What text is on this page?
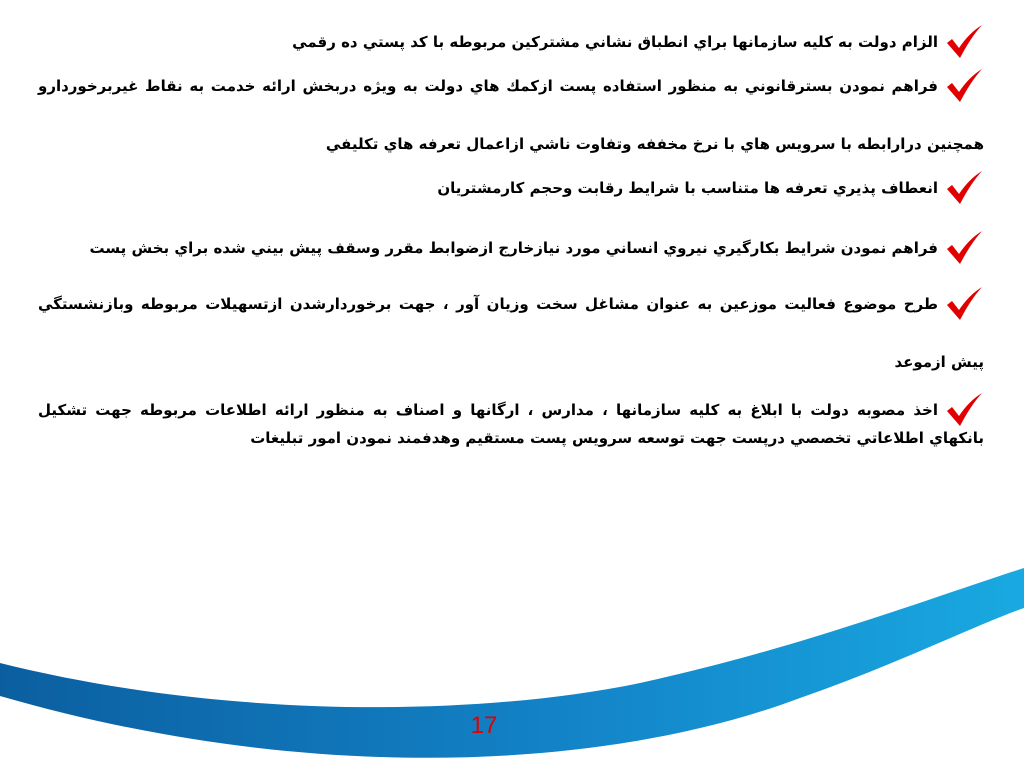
الزام دولت به كليه سازمانها براي انطباق نشاني مشتركين مربوطه با كد پستي ده رقمي
فراهم نمودن بسترقانوني به منظور استفاده پست ازكمك هاي دولت به ويژه دربخش ارائه خدمت به نقاط غيربرخوردارو
همچنين درارابطه با سرويس هاي با نرخ مخففه وتفاوت ناشي ازاعمال تعرفه هاي تكليفي
انعطاف پذيري تعرفه ها متناسب با شرايط رقابت وحجم كارمشتريان
فراهم نمودن شرايط بكارگيري نيروي انساني مورد نيازخارج ازضوابط مقرر وسقف پيش بيني شده براي بخش پست
طرح موضوع فعاليت موزعين به عنوان مشاغل سخت وزيان آور ، جهت برخوردارشدن ازتسهيلات مربوطه وبازنشستگي
پيش ازموعد
اخذ مصوبه دولت با ابلاغ به كليه سازمانها ، مدارس ، ارگانها و اصناف به منظور ارائه اطلاعات مربوطه جهت تشكيل
بانكهاي اطلاعاتي تخصصي درپست جهت توسعه سرويس پست مستقيم وهدفمند نمودن امور تبليغات
17
